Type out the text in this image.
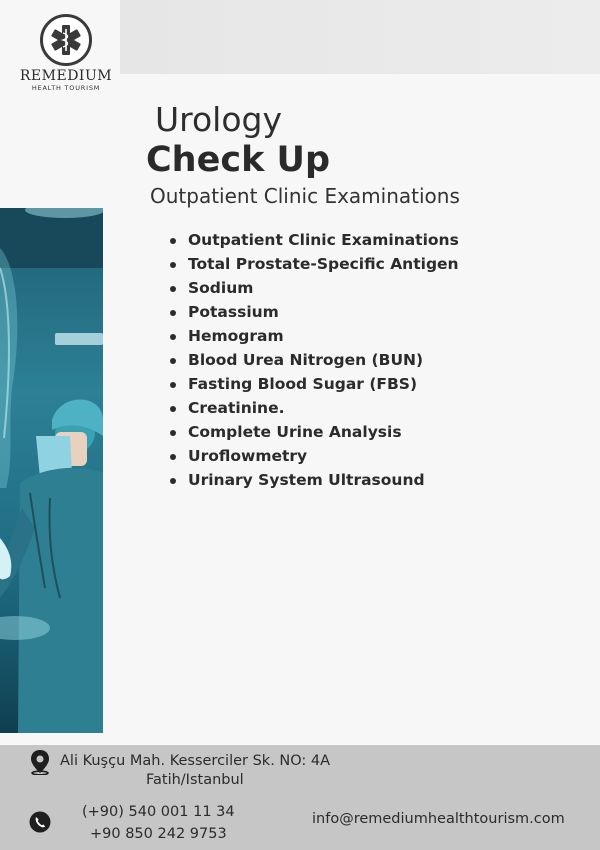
REMEDIUM
HEALTH TOURISM
Urology
Check Up
Outpatient Clinic Examinations
Outpatient Clinic Examinations
Total Prostate-Specific Antigen
Sodium
Potassium
Hemogram
Blood Urea Nitrogen (BUN)
Fasting Blood Sugar (FBS)
Creatinine.
Complete Urine Analysis
Uroflowmetry
Urinary System Ultrasound
Ali Kuşçu Mah. Kesserciler Sk. NO: 4A
Fatih/Istanbul
(+90) 540 001 11 34
+90 850 242 9753
info@remediumhealthtourism.com
